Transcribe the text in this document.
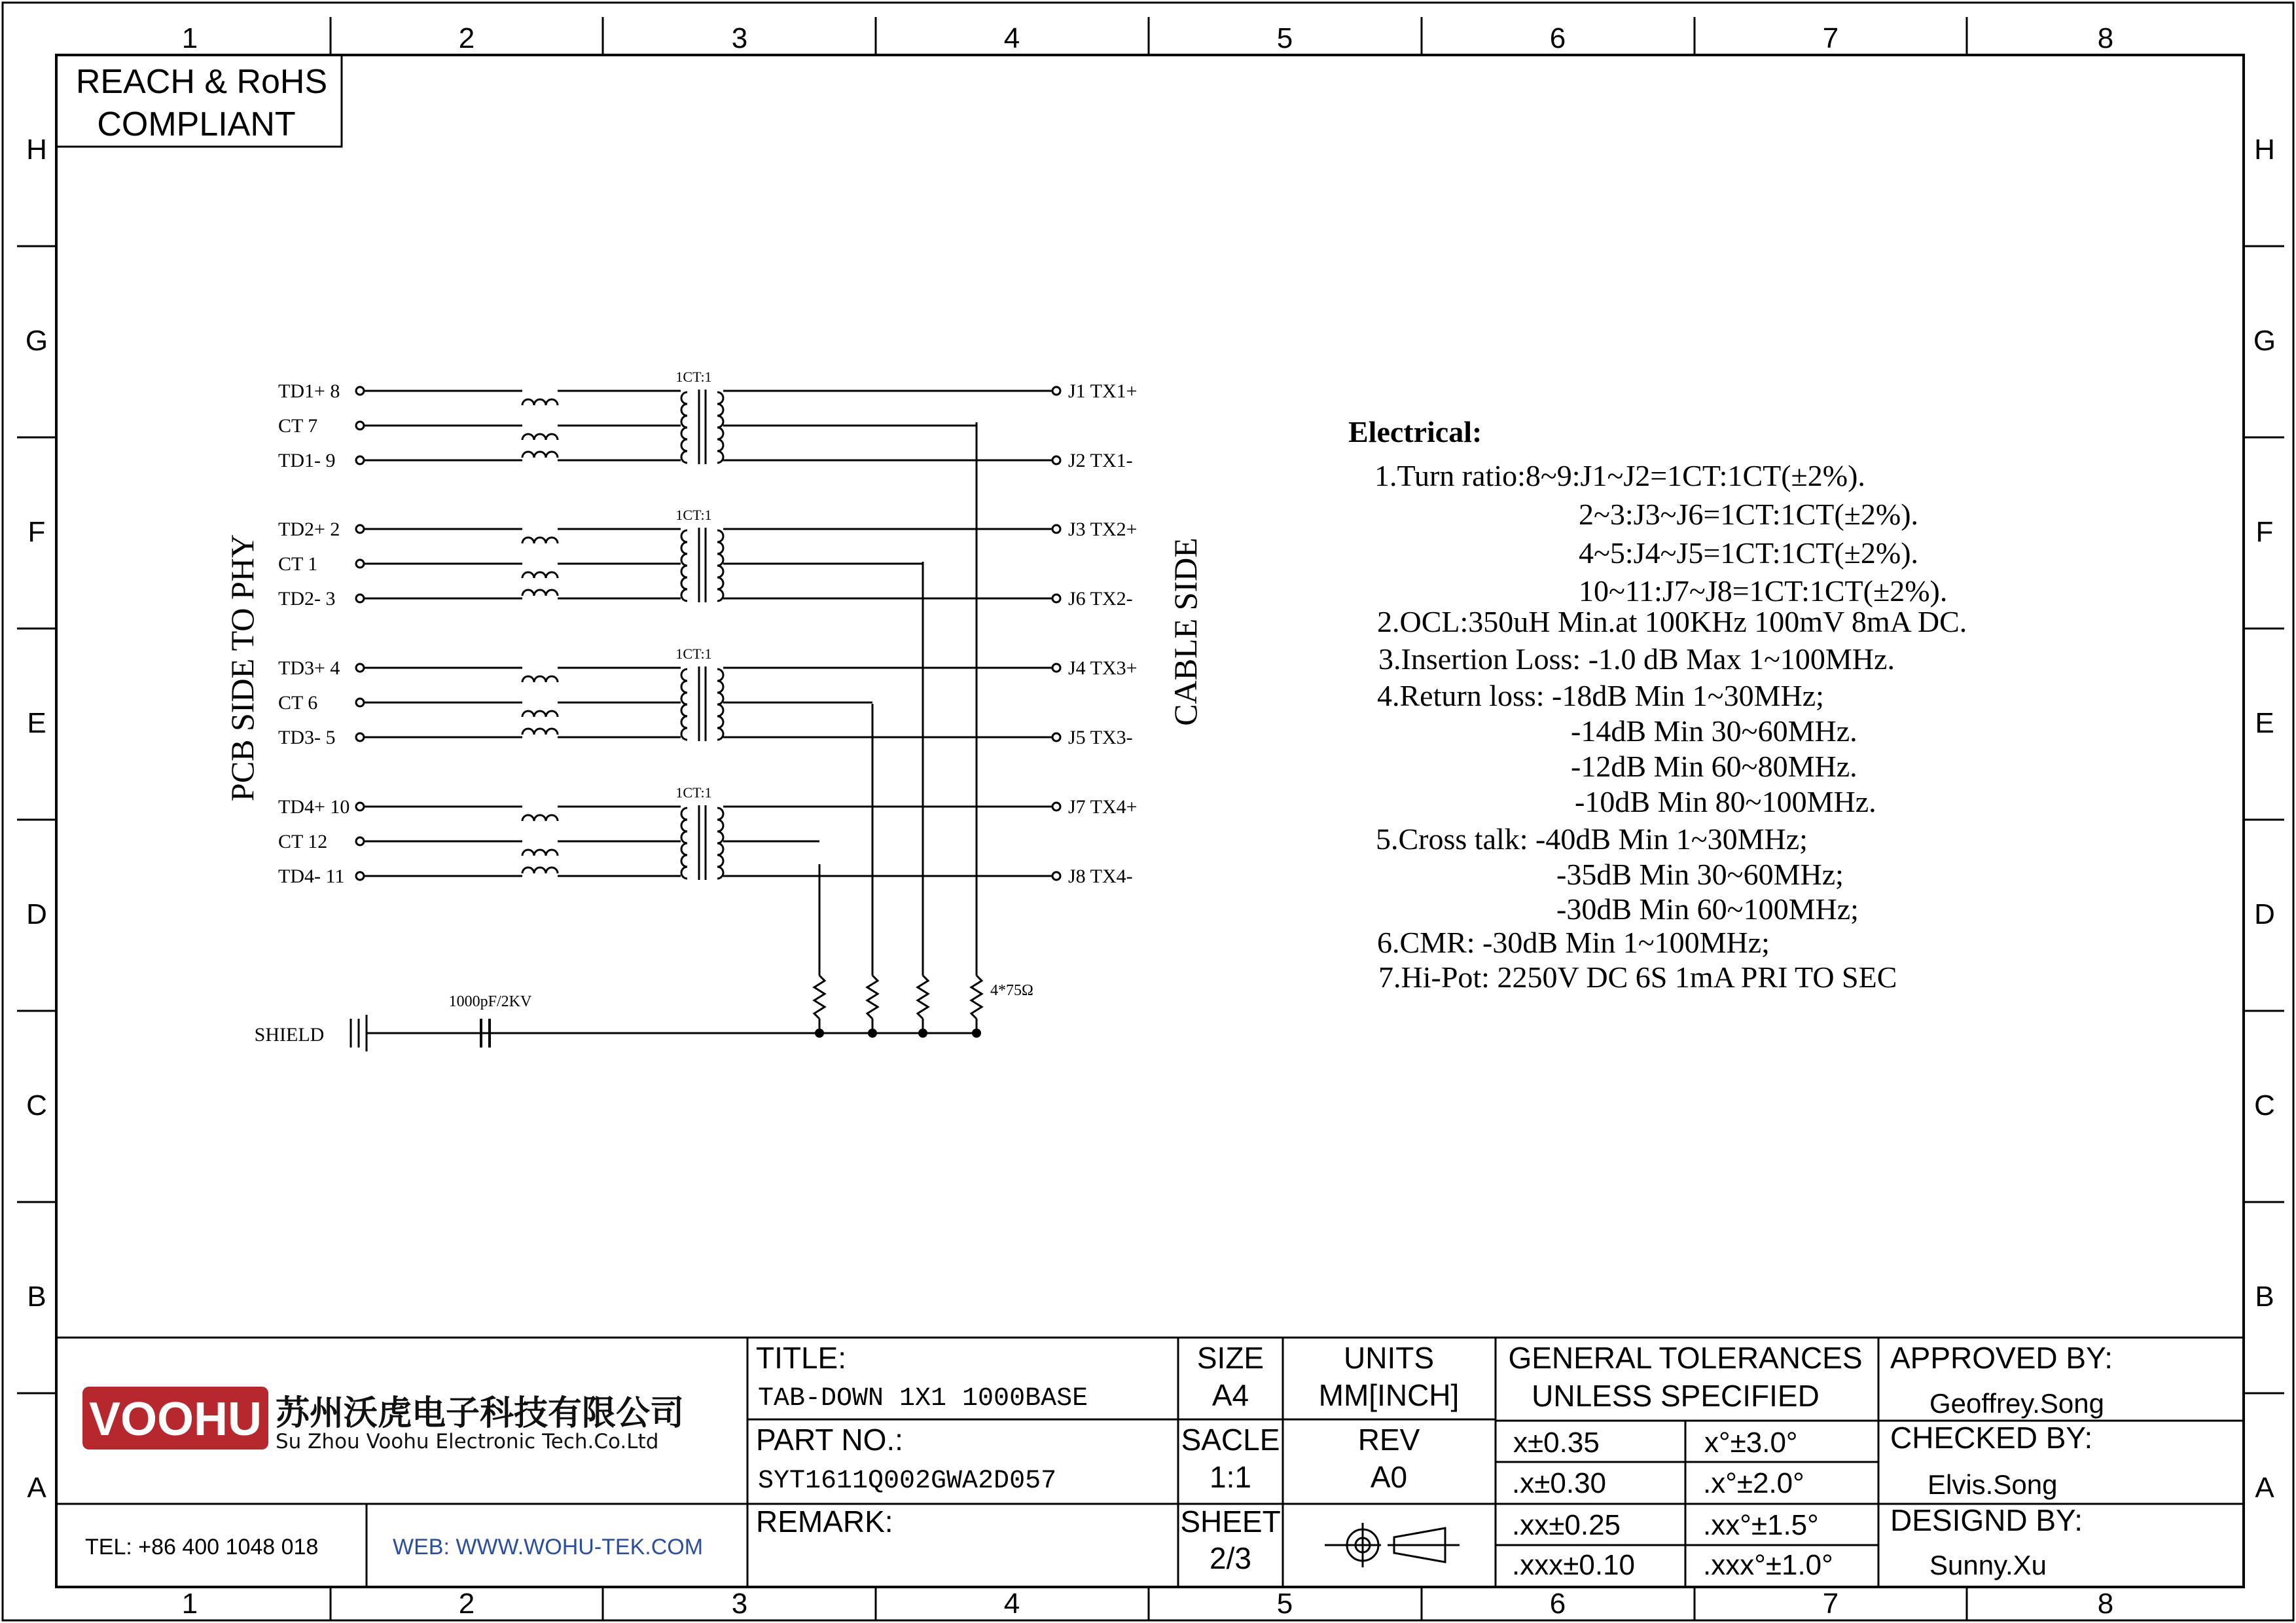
1	2	3	4	5	6	7	8
1	2	3	4	5	6	7	8
H
G
F
E
D
C
B
A
H
G
F
E
D
C
B
A
REACH & RoHS
COMPLIANT
PCB SIDE TO PHY	CABLE SIDE
TD1+ 8
CT 7
TD1- 9
1CT:1
J1 TX1+
J2 TX1-
TD2+ 2
CT 1
TD2- 3
1CT:1
J3 TX2+
J6 TX2-
TD3+ 4
CT 6
TD3- 5
1CT:1
J4 TX3+
J5 TX3-
TD4+ 10
CT 12
TD4- 11
1CT:1
J7 TX4+
J8 TX4-
SHIELD
1000pF/2KV
4*75Ω
Electrical:
1.Turn ratio:8~9:J1~J2=1CT:1CT(±2%).
2~3:J3~J6=1CT:1CT(±2%).
4~5:J4~J5=1CT:1CT(±2%).
10~11:J7~J8=1CT:1CT(±2%).
2.OCL:350uH Min.at 100KHz 100mV 8mA DC.
3.Insertion Loss: -1.0 dB Max 1~100MHz.
4.Return loss: -18dB Min 1~30MHz;
-14dB Min 30~60MHz.
-12dB Min 60~80MHz.
-10dB Min 80~100MHz.
5.Cross talk: -40dB Min 1~30MHz;
-35dB Min 30~60MHz;
-30dB Min 60~100MHz;
6.CMR: -30dB Min 1~100MHz;
7.Hi-Pot: 2250V DC 6S 1mA PRI TO SEC
VOOHU 苏州沃虎电子科技有限公司
Su Zhou Voohu Electronic Tech.Co.Ltd
TEL: +86 400 1048 018	WEB: WWW.WOHU-TEK.COM
TITLE:
PART NO.:
REMARK:
SIZE
A4
UNITS
MM[INCH]
SACLE
1:1
REV
A0
SHEET
2/3
GENERAL TOLERANCES
UNLESS SPECIFIED
APPROVED BY:
Geoffrey.Song
CHECKED BY:
Elvis.Song
DESIGND BY:
Sunny.Xu
TAB-DOWN 1X1 1000BASE
SYT1611Q002GWA2D057
x±0.35	x°±3.0°
.x±0.30	.x°±2.0°
.xx±0.25	.xx°±1.5°
.xxx±0.10 .xxx°±1.0°
